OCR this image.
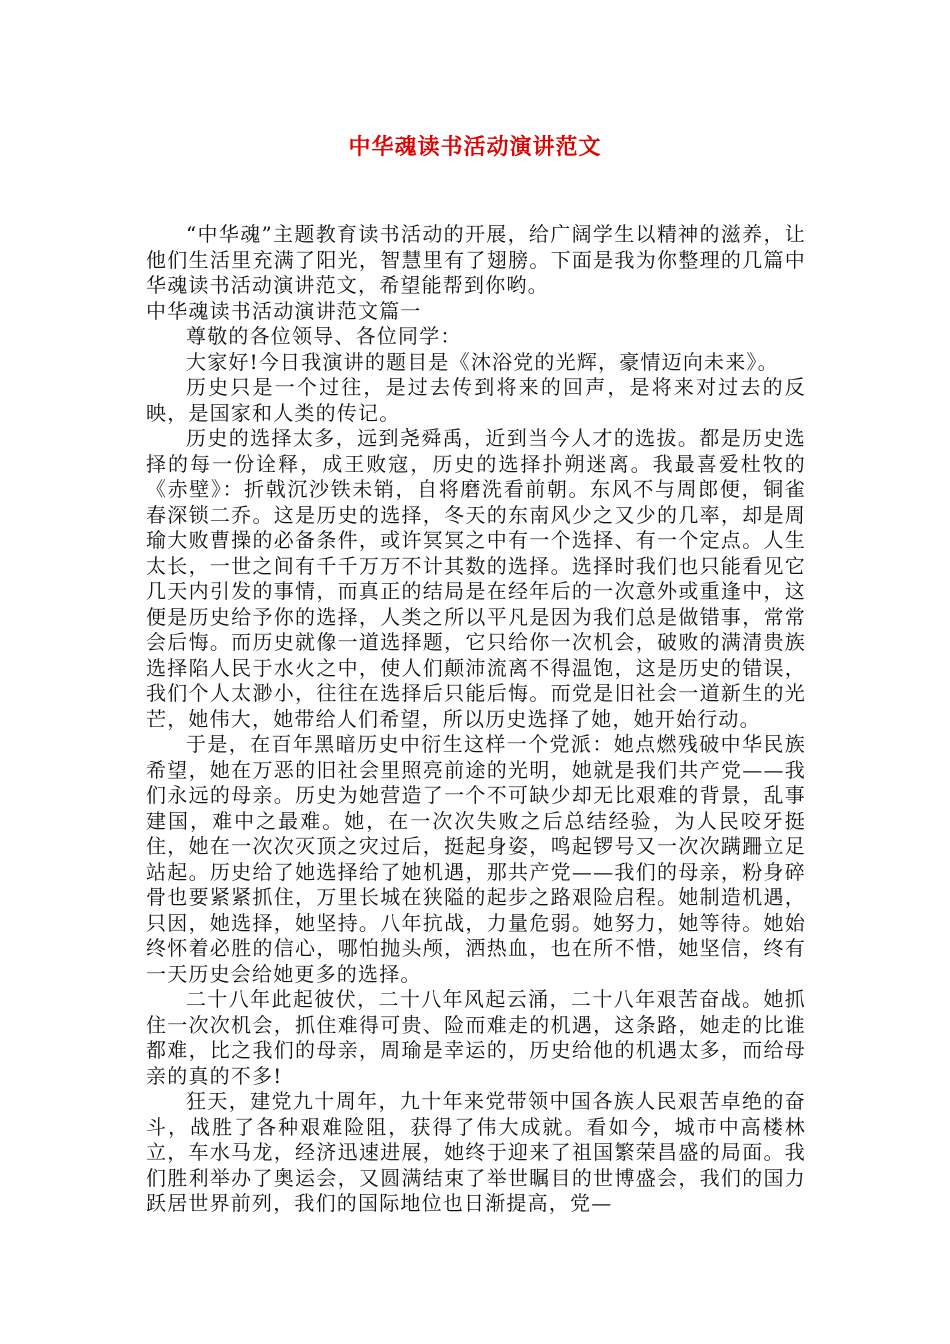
中华魂读书活动演讲范文

“中华魂”主题教育读书活动的开展，给广阔学生以精神的滋养，让他们生活里充满了阳光，智慧里有了翅膀。下面是我为你整理的几篇中华魂读书活动演讲范文，希望能帮到你哟。

中华魂读书活动演讲范文篇一

尊敬的各位领导、各位同学：

大家好!今日我演讲的题目是《沐浴党的光辉，豪情迈向未来》。

历史只是一个过往，是过去传到将来的回声，是将来对过去的反映，是国家和人类的传记。

历史的选择太多，远到尧舜禹，近到当今人才的选拔。都是历史选择的每一份诠释，成王败寇，历史的选择扑朔迷离。我最喜爱杜牧的《赤壁》：折戟沉沙铁未销，自将磨洗看前朝。东风不与周郎便，铜雀春深锁二乔。这是历史的选择，冬天的东南风少之又少的几率，却是周瑜大败曹操的必备条件，或许冥冥之中有一个选择、有一个定点。人生太长，一世之间有千千万万不计其数的选择。选择时我们也只能看见它几天内引发的事情，而真正的结局是在经年后的一次意外或重逢中，这便是历史给予你的选择，人类之所以平凡是因为我们总是做错事，常常会后悔。而历史就像一道选择题，它只给你一次机会，破败的满清贵族选择陷人民于水火之中，使人们颠沛流离不得温饱，这是历史的错误，我们个人太渺小，往往在选择后只能后悔。而党是旧社会一道新生的光芒，她伟大，她带给人们希望，所以历史选择了她，她开始行动。

于是，在百年黑暗历史中衍生这样一个党派：她点燃残破中华民族希望，她在万恶的旧社会里照亮前途的光明，她就是我们共产党——我们永远的母亲。历史为她营造了一个不可缺少却无比艰难的背景，乱事建国，难中之最难。她，在一次次失败之后总结经验，为人民咬牙挺住，她在一次次灭顶之灾过后，挺起身姿，鸣起锣号又一次次蹒跚立足站起。历史给了她选择给了她机遇，那共产党——我们的母亲，粉身碎骨也要紧紧抓住，万里长城在狭隘的起步之路艰险启程。她制造机遇，只因，她选择，她坚持。八年抗战，力量危弱。她努力，她等待。她始终怀着必胜的信心，哪怕抛头颅，洒热血，也在所不惜，她坚信，终有一天历史会给她更多的选择。

二十八年此起彼伏，二十八年风起云涌，二十八年艰苦奋战。她抓住一次次机会，抓住难得可贵、险而难走的机遇，这条路，她走的比谁都难，比之我们的母亲，周瑜是幸运的，历史给他的机遇太多，而给母亲的真的不多!

狂天，建党九十周年，九十年来党带领中国各族人民艰苦卓绝的奋斗，战胜了各种艰难险阻，获得了伟大成就。看如今，城市中高楼林立，车水马龙，经济迅速进展，她终于迎来了祖国繁荣昌盛的局面。我们胜利举办了奥运会，又圆满结束了举世瞩目的世博盛会，我们的国力跃居世界前列，我们的国际地位也日渐提高，党—
